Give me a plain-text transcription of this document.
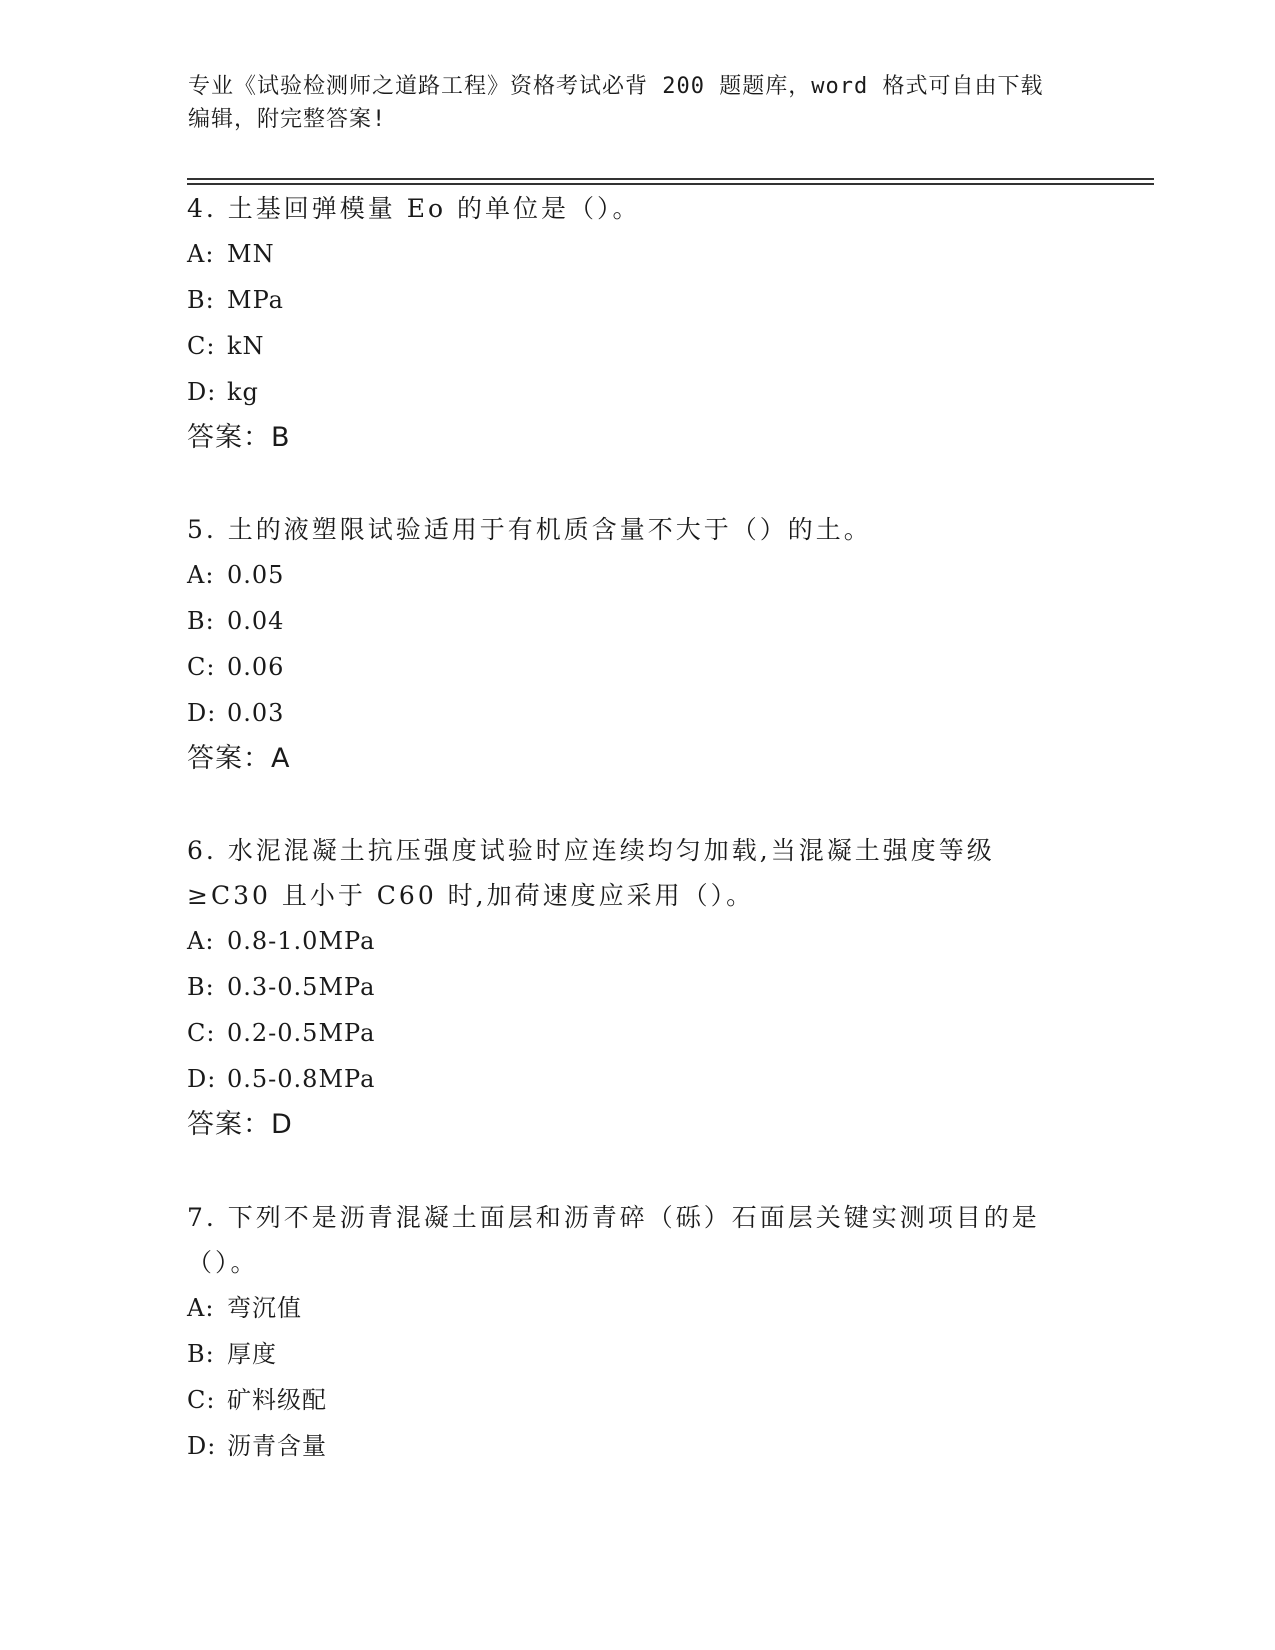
专业《试验检测师之道路工程》资格考试必背 200 题题库，word 格式可自由下载
编辑，附完整答案!
4. 土基回弹模量 Eo 的单位是（）。
A: MN
B: MPa
C: kN
D: kg
答案：B
5. 土的液塑限试验适用于有机质含量不大于（）的土。
A: 0.05
B: 0.04
C: 0.06
D: 0.03
答案：A
6. 水泥混凝土抗压强度试验时应连续均匀加载,当混凝土强度等级
≥C30 且小于 C60 时,加荷速度应采用（）。
A: 0.8-1.0MPa
B: 0.3-0.5MPa
C: 0.2-0.5MPa
D: 0.5-0.8MPa
答案：D
7. 下列不是沥青混凝土面层和沥青碎（砾）石面层关键实测项目的是
（）。
A: 弯沉值
B: 厚度
C: 矿料级配
D: 沥青含量
